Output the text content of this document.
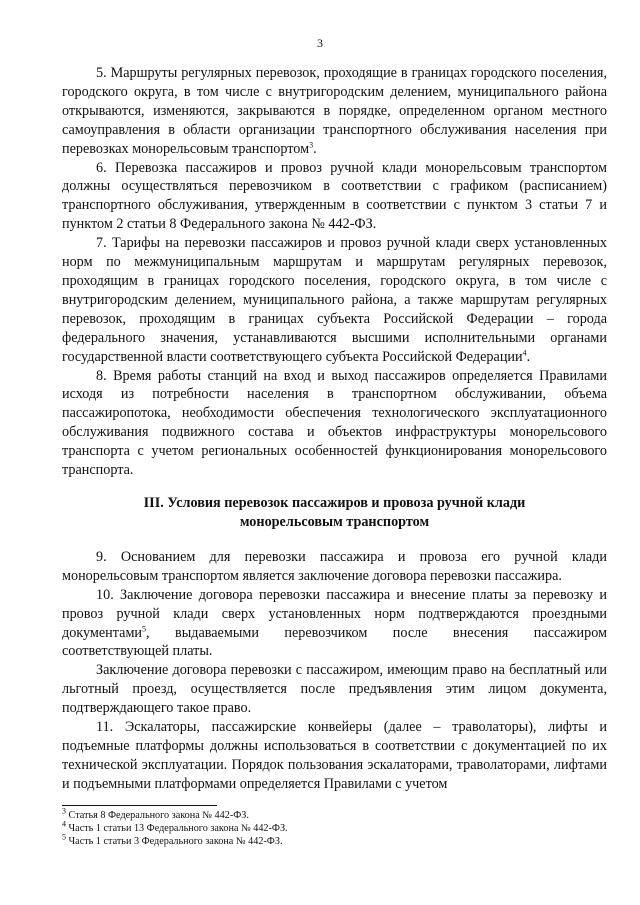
3

5. Маршруты регулярных перевозок, проходящие в границах городского поселения, городского округа, в том числе с внутригородским делением, муниципального района открываются, изменяются, закрываются в порядке, определенном органом местного самоуправления в области организации транспортного обслуживания населения при перевозках монорельсовым транспортом$^3$.

6. Перевозка пассажиров и провоз ручной клади монорельсовым транспортом должны осуществляться перевозчиком в соответствии с графиком (расписанием) транспортного обслуживания, утвержденным в соответствии с пунктом 3 статьи 7 и пунктом 2 статьи 8 Федерального закона № 442-ФЗ.

7. Тарифы на перевозки пассажиров и провоз ручной клади сверх установленных норм по межмуниципальным маршрутам и маршрутам регулярных перевозок, проходящим в границах городского поселения, городского округа, в том числе с внутригородским делением, муниципального района, а также маршрутам регулярных перевозок, проходящим в границах субъекта Российской Федерации – города федерального значения, устанавливаются высшими исполнительными органами государственной власти соответствующего субъекта Российской Федерации$^4$.

8. Время работы станций на вход и выход пассажиров определяется Правилами исходя из потребности населения в транспортном обслуживании, объема пассажиропотока, необходимости обеспечения технологического эксплуатационного обслуживания подвижного состава и объектов инфраструктуры монорельсового транспорта с учетом региональных особенностей функционирования монорельсового транспорта.

III. Условия перевозок пассажиров и провоза ручной клади
монорельсовым транспортом

9. Основанием для перевозки пассажира и провоза его ручной клади монорельсовым транспортом является заключение договора перевозки пассажира.

10. Заключение договора перевозки пассажира и внесение платы за перевозку и провоз ручной клади сверх установленных норм подтверждаются проездными документами$^5$, выдаваемыми перевозчиком после внесения пассажиром соответствующей платы.

Заключение договора перевозки с пассажиром, имеющим право на бесплатный или льготный проезд, осуществляется после предъявления этим лицом документа, подтверждающего такое право.

11. Эскалаторы, пассажирские конвейеры (далее – траволаторы), лифты и подъемные платформы должны использоваться в соответствии с документацией по их технической эксплуатации. Порядок пользования эскалаторами, траволаторами, лифтами и подъемными платформами определяется Правилами с учетом

$^3$ Статья 8 Федерального закона № 442-ФЗ.
$^4$ Часть 1 статьи 13 Федерального закона № 442-ФЗ.
$^5$ Часть 1 статьи 3 Федерального закона № 442-ФЗ.
